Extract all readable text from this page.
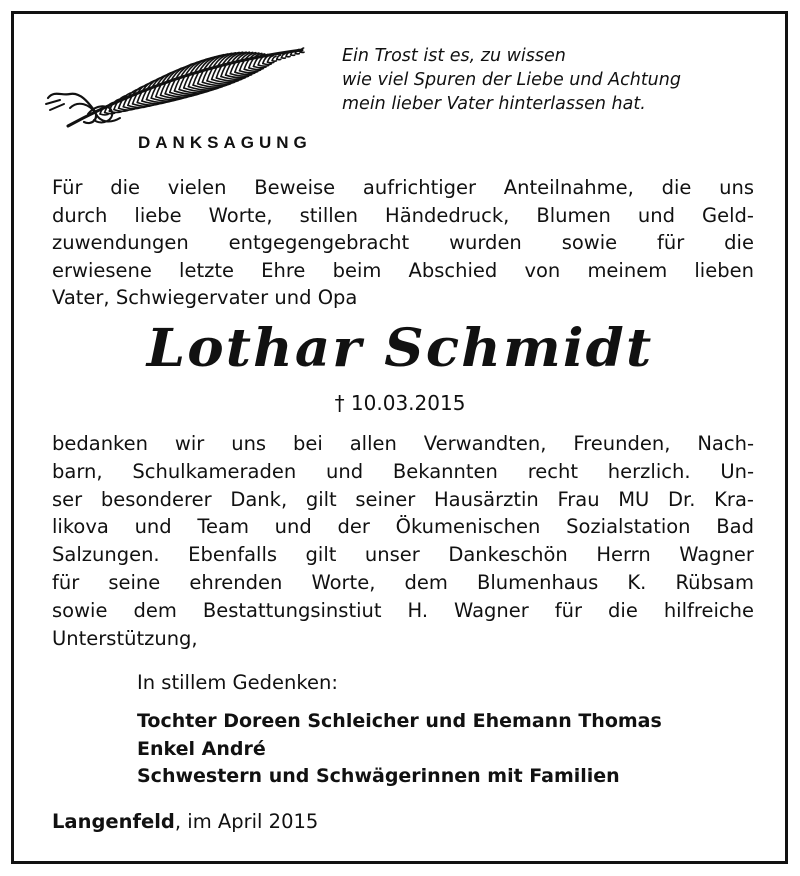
Ein Trost ist es, zu wissen
wie viel Spuren der Liebe und Achtung
mein lieber Vater hinterlassen hat.
DANKSAGUNG
Für die vielen Beweise aufrichtiger Anteilnahme, die uns
durch liebe Worte, stillen Händedruck, Blumen und Geld-
zuwendungen entgegengebracht wurden sowie für die
erwiesene letzte Ehre beim Abschied von meinem lieben
Vater, Schwiegervater und Opa
Lothar Schmidt
† 10.03.2015
bedanken wir uns bei allen Verwandten, Freunden, Nach-
barn, Schulkameraden und Bekannten recht herzlich. Un-
ser besonderer Dank, gilt seiner Hausärztin Frau MU Dr. Kra-
likova und Team und der Ökumenischen Sozialstation Bad
Salzungen. Ebenfalls gilt unser Dankeschön Herrn Wagner
für seine ehrenden Worte, dem Blumenhaus K. Rübsam
sowie dem Bestattungsinstiut H. Wagner für die hilfreiche
Unterstützung,
In stillem Gedenken:
Tochter Doreen Schleicher und Ehemann Thomas
Enkel André
Schwestern und Schwägerinnen mit Familien
Langenfeld, im April 2015
